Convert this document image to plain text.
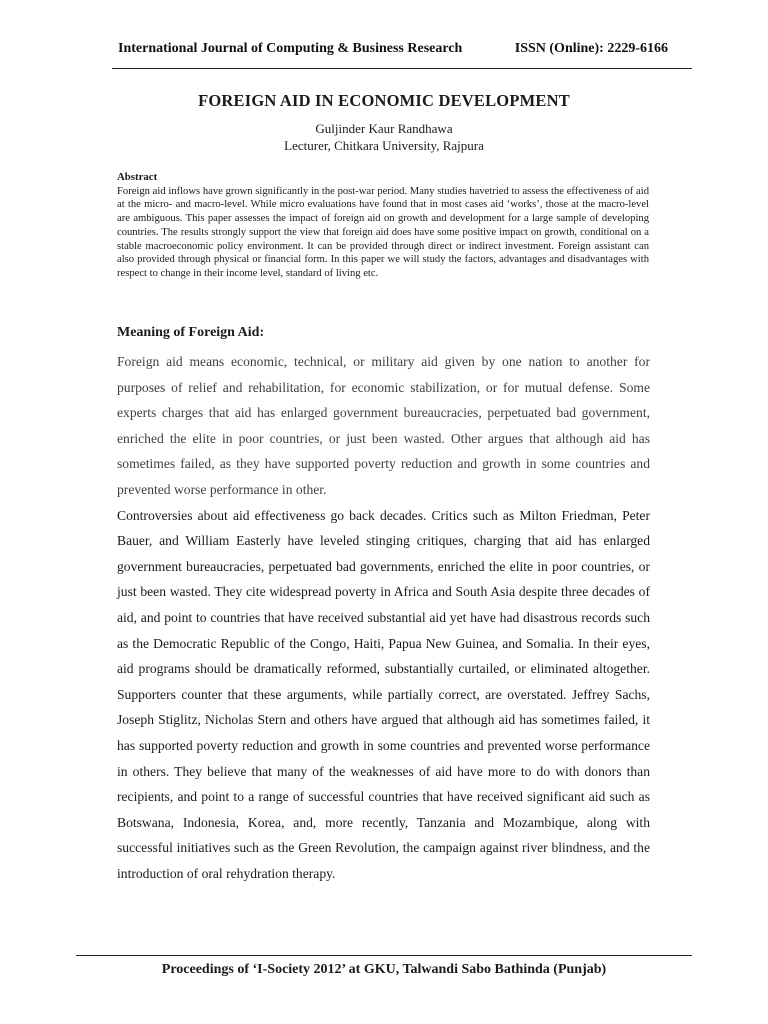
International Journal of Computing & Business Research	ISSN (Online): 2229-6166
FOREIGN AID IN ECONOMIC DEVELOPMENT
Guljinder Kaur Randhawa
Lecturer, Chitkara University, Rajpura
Abstract

Foreign aid inflows have grown significantly in the post-war period. Many studies havetried to assess the effectiveness of aid at the micro- and macro-level. While micro evaluations have found that in most cases aid ‘works’, those at the macro-level are ambiguous. This paper assesses the impact of foreign aid on growth and development for a large sample of developing countries. The results strongly support the view that foreign aid does have some positive impact on growth, conditional on a stable macroeconomic policy environment. It can be provided through direct or indirect investment. Foreign assistant can also provided through physical or financial form. In this paper we will study the factors, advantages and disadvantages with respect to change in their income level, standard of living etc.

Meaning of Foreign Aid:

Foreign aid means economic, technical, or military aid given by one nation to another for purposes of relief and rehabilitation, for economic stabilization, or for mutual defense. Some experts charges that aid has enlarged government bureaucracies, perpetuated bad government, enriched the elite in poor countries, or just been wasted. Other argues that although aid has sometimes failed, as they have supported poverty reduction and growth in some countries and prevented worse performance in other.

Controversies about aid effectiveness go back decades. Critics such as Milton Friedman, Peter Bauer, and William Easterly have leveled stinging critiques, charging that aid has enlarged government bureaucracies, perpetuated bad governments, enriched the elite in poor countries, or just been wasted. They cite widespread poverty in Africa and South Asia despite three decades of aid, and point to countries that have received substantial aid yet have had disastrous records such as the Democratic Republic of the Congo, Haiti, Papua New Guinea, and Somalia. In their eyes, aid programs should be dramatically reformed, substantially curtailed, or eliminated altogether. Supporters counter that these arguments, while partially correct, are overstated. Jeffrey Sachs, Joseph Stiglitz, Nicholas Stern and others have argued that although aid has sometimes failed, it has supported poverty reduction and growth in some countries and prevented worse performance in others. They believe that many of the weaknesses of aid have more to do with donors than recipients, and point to a range of successful countries that have received significant aid such as Botswana, Indonesia, Korea, and, more recently, Tanzania and Mozambique, along with successful initiatives such as the Green Revolution, the campaign against river blindness, and the introduction of oral rehydration therapy.

Proceedings of ‘I-Society 2012’ at GKU, Talwandi Sabo Bathinda (Punjab)
